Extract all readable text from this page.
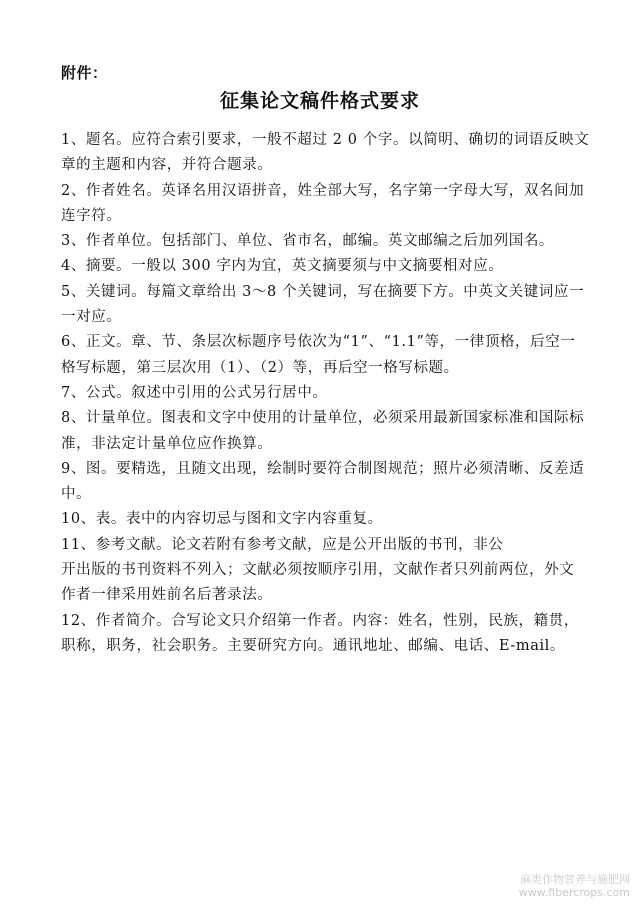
附件：
征集论文稿件格式要求
1、题名。应符合索引要求，一般不超过 2 0 个字。以简明、确切的词语反映文
章的主题和内容，并符合题录。
2、作者姓名。英译名用汉语拼音，姓全部大写，名字第一字母大写，双名间加
连字符。
3、作者单位。包括部门、单位、省市名，邮编。英文邮编之后加列国名。
4、摘要。一般以 300 字内为宜，英文摘要须与中文摘要相对应。
5、关键词。每篇文章给出 3～8 个关键词，写在摘要下方。中英文关键词应一
一对应。
6、正文。章、节、条层次标题序号依次为“1”、“1.1”等，一律顶格，后空一
格写标题，第三层次用（1）、（2）等，再后空一格写标题。
7、公式。叙述中引用的公式另行居中。
8、计量单位。图表和文字中使用的计量单位，必须采用最新国家标准和国际标
准，非法定计量单位应作换算。
9、图。要精选，且随文出现，绘制时要符合制图规范；照片必须清晰、反差适
中。
10、表。表中的内容切忌与图和文字内容重复。
11、参考文献。论文若附有参考文献，应是公开出版的书刊，非公
开出版的书刊资料不列入；文献必须按顺序引用，文献作者只列前两位，外文
作者一律采用姓前名后著录法。
12、作者简介。合写论文只介绍第一作者。内容：姓名，性别，民族，籍贯，
职称，职务，社会职务。主要研究方向。通讯地址、邮编、电话、E-mail。
麻类作物营养与施肥网
www.fibercrops.com
